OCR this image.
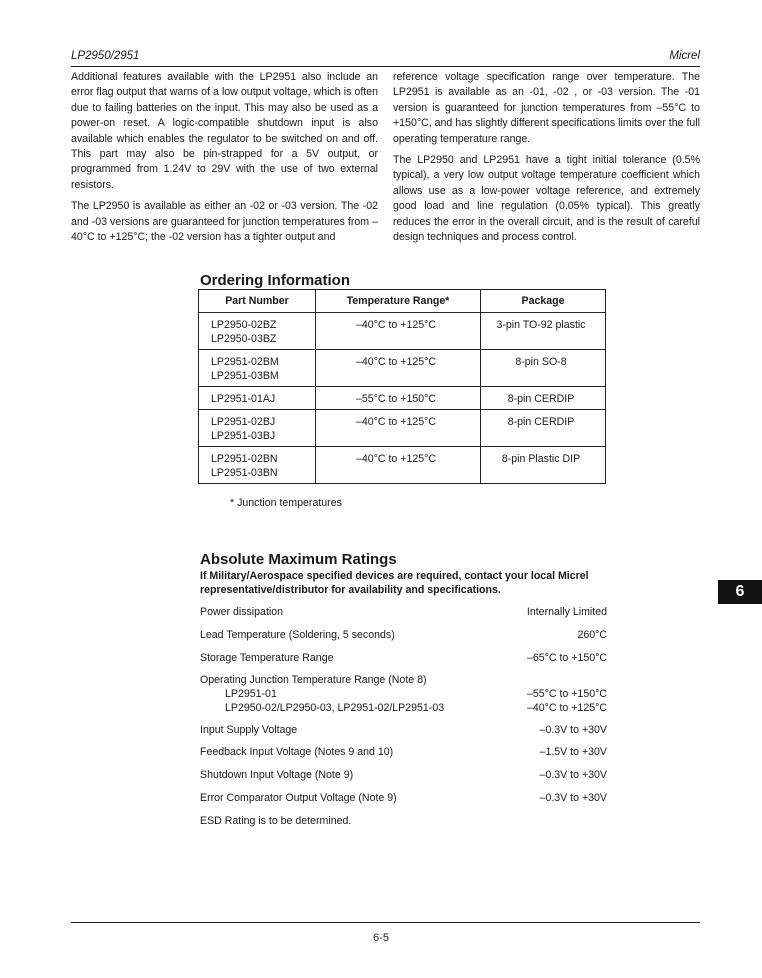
LP2950/2951	Micrel

Additional features available with the LP2951 also include an error flag output that warns of a low output voltage, which is often due to failing batteries on the input. This may also be used as a power-on reset. A logic-compatible shutdown input is also available which enables the regulator to be switched on and off. This part may also be pin-strapped for a 5V output, or programmed from 1.24V to 29V with the use of two external resistors.

The LP2950 is available as either an -02 or -03 version. The -02 and -03 versions are guaranteed for junction temperatures from –40°C to +125°C; the -02 version has a tighter output and

reference voltage specification range over temperature. The LP2951 is available as an -01, -02 , or -03 version. The -01 version is guaranteed for junction temperatures from –55°C to +150°C, and has slightly different specifications limits over the full operating temperature range.

The LP2950 and LP2951 have a tight initial tolerance (0.5% typical), a very low output voltage temperature coefficient which allows use as a low-power voltage reference, and extremely good load and line regulation (0.05% typical). This greatly reduces the error in the overall circuit, and is the result of careful design techniques and process control.

Ordering Information
Part Number	Temperature Range*	Package

LP2950-02BZ
LP2950-03BZ	–40°C to +125°C	3-pin TO-92 plastic

LP2951-02BM
LP2951-03BM	–40°C to +125°C	8-pin SO-8

LP2951-01AJ	–55°C to +150°C	8-pin CERDIP

LP2951-02BJ
LP2951-03BJ	–40°C to +125°C	8-pin CERDIP

LP2951-02BN
LP2951-03BN	–40°C to +125°C	8-pin Plastic DIP
* Junction temperatures
Absolute Maximum Ratings
If Military/Aerospace specified devices are required, contact your local Micrel representative/distributor for availability and specifications.
Power dissipation	Internally Limited
Lead Temperature (Soldering, 5 seconds)	260°C
Storage Temperature Range	–65°C to +150°C
Operating Junction Temperature Range (Note 8)
LP2951-01	–55°C to +150°C
LP2950-02/LP2950-03, LP2951-02/LP2951-03	–40°C to +125°C
Input Supply Voltage	–0.3V to +30V
Feedback Input Voltage (Notes 9 and 10)	–1.5V to +30V
Shutdown Input Voltage (Note 9)	–0.3V to +30V
Error Comparator Output Voltage (Note 9)	–0.3V to +30V
ESD Rating is to be determined.
6
6-5
